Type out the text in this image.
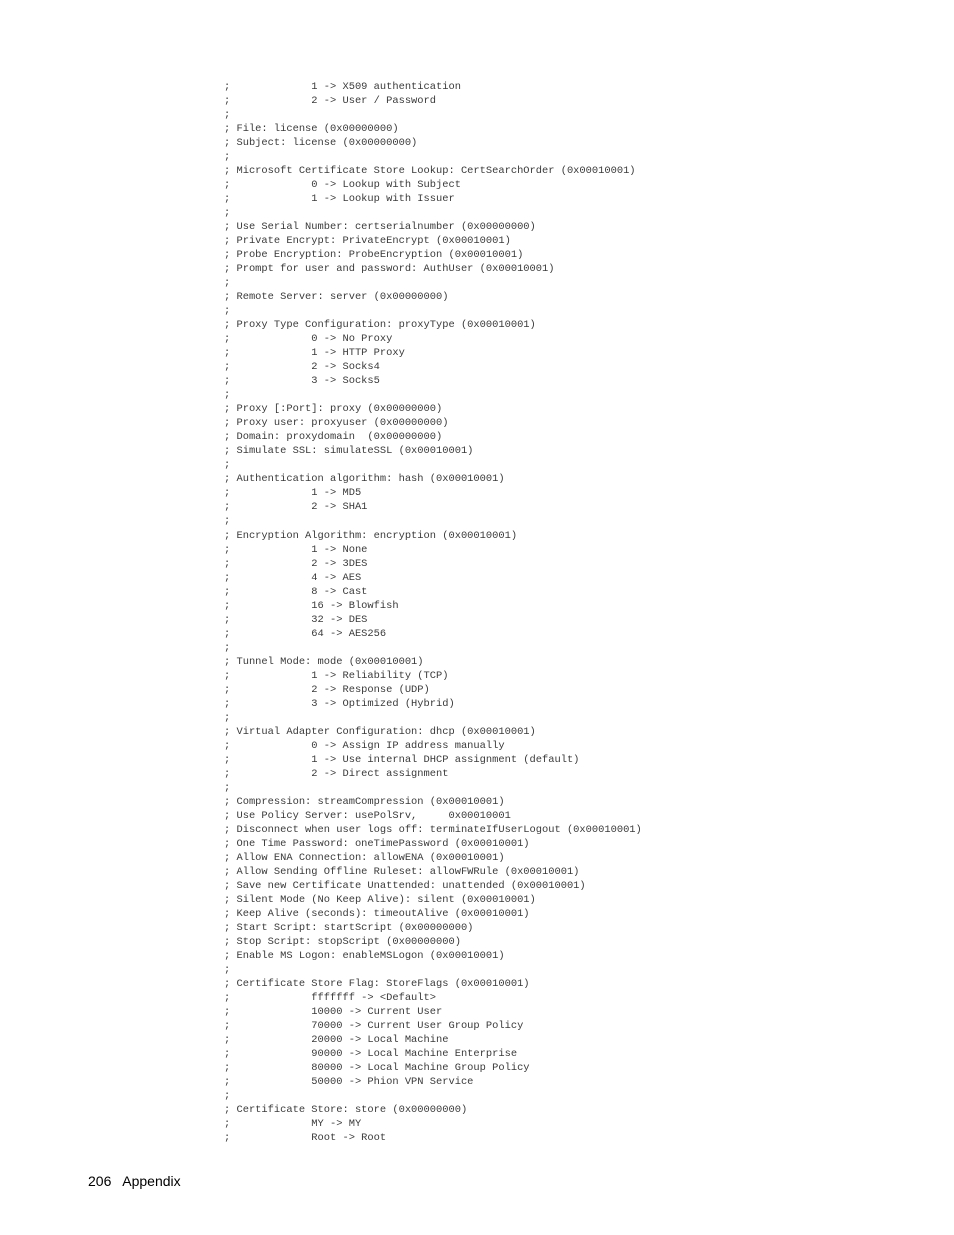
;             1 -> X509 authentication
;             2 -> User / Password
;
; File: license (0x00000000)
; Subject: license (0x00000000)
;
; Microsoft Certificate Store Lookup: CertSearchOrder (0x00010001)
;             0 -> Lookup with Subject
;             1 -> Lookup with Issuer
;
; Use Serial Number: certserialnumber (0x00000000)
; Private Encrypt: PrivateEncrypt (0x00010001)
; Probe Encryption: ProbeEncryption (0x00010001)
; Prompt for user and password: AuthUser (0x00010001)
;
; Remote Server: server (0x00000000)
;
; Proxy Type Configuration: proxyType (0x00010001)
;             0 -> No Proxy
;             1 -> HTTP Proxy
;             2 -> Socks4
;             3 -> Socks5
;
; Proxy [:Port]: proxy (0x00000000)
; Proxy user: proxyuser (0x00000000)
; Domain: proxydomain  (0x00000000)
; Simulate SSL: simulateSSL (0x00010001)
;
; Authentication algorithm: hash (0x00010001)
;             1 -> MD5
;             2 -> SHA1
;
; Encryption Algorithm: encryption (0x00010001)
;             1 -> None
;             2 -> 3DES
;             4 -> AES
;             8 -> Cast
;             16 -> Blowfish
;             32 -> DES
;             64 -> AES256
;
; Tunnel Mode: mode (0x00010001)
;             1 -> Reliability (TCP)
;             2 -> Response (UDP)
;             3 -> Optimized (Hybrid)
;
; Virtual Adapter Configuration: dhcp (0x00010001)
;             0 -> Assign IP address manually
;             1 -> Use internal DHCP assignment (default)
;             2 -> Direct assignment
;
; Compression: streamCompression (0x00010001)
; Use Policy Server: usePolSrv,     0x00010001
; Disconnect when user logs off: terminateIfUserLogout (0x00010001)
; One Time Password: oneTimePassword (0x00010001)
; Allow ENA Connection: allowENA (0x00010001)
; Allow Sending Offline Ruleset: allowFWRule (0x00010001)
; Save new Certificate Unattended: unattended (0x00010001)
; Silent Mode (No Keep Alive): silent (0x00010001)
; Keep Alive (seconds): timeoutAlive (0x00010001)
; Start Script: startScript (0x00000000)
; Stop Script: stopScript (0x00000000)
; Enable MS Logon: enableMSLogon (0x00010001)
;
; Certificate Store Flag: StoreFlags (0x00010001)
;             fffffff -> <Default>
;             10000 -> Current User
;             70000 -> Current User Group Policy
;             20000 -> Local Machine
;             90000 -> Local Machine Enterprise
;             80000 -> Local Machine Group Policy
;             50000 -> Phion VPN Service
;
; Certificate Store: store (0x00000000)
;             MY -> MY
;             Root -> Root
206 Appendix
